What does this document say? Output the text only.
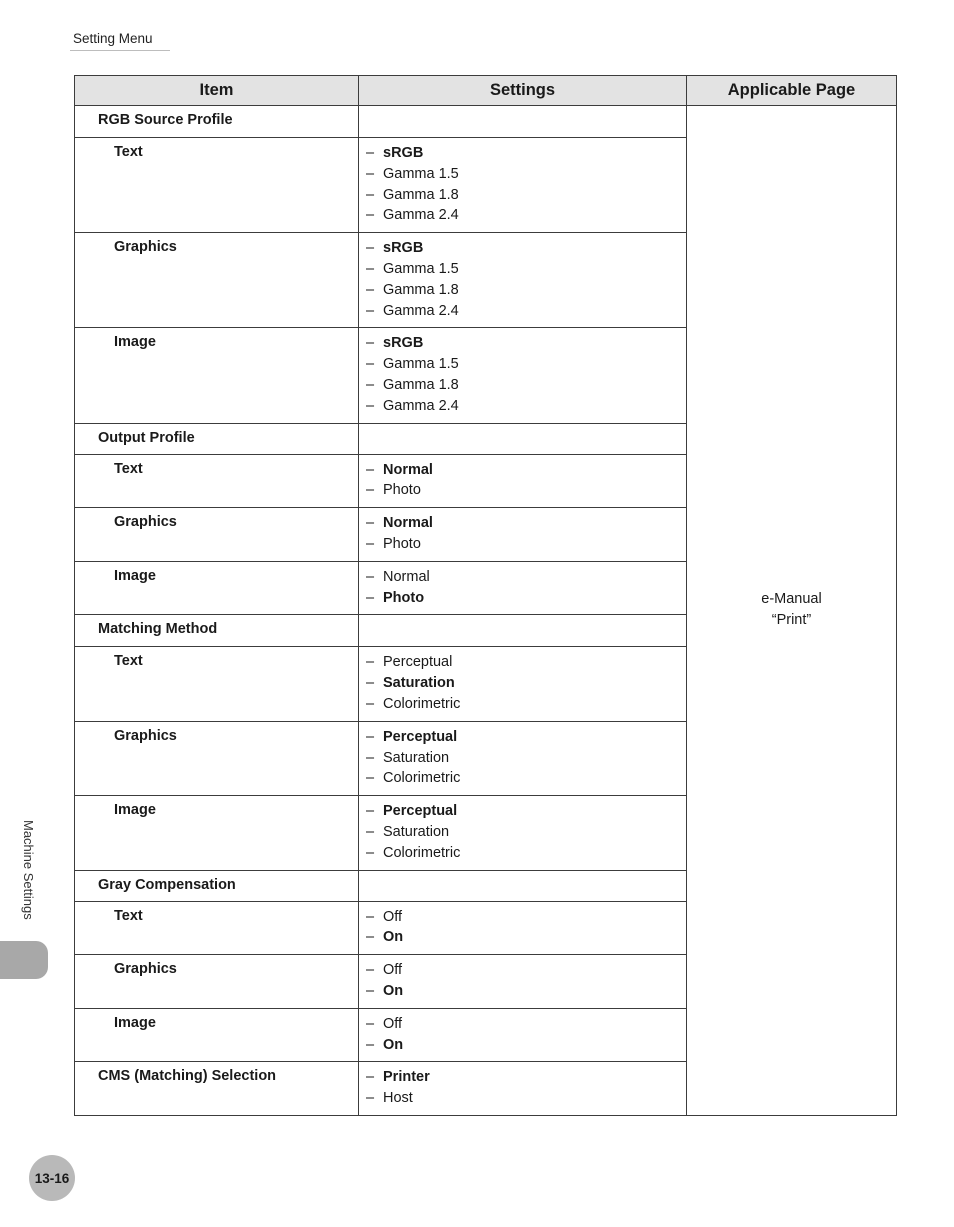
Setting Menu
Item	Settings	Applicable Page
RGB Source Profile		e-Manual
“Print”

Text	– sRGB
– Gamma 1.5
– Gamma 1.8
– Gamma 2.4	

Graphics	– sRGB
– Gamma 1.5
– Gamma 1.8
– Gamma 2.4	

Image	– sRGB
– Gamma 1.5
– Gamma 1.8
– Gamma 2.4	

Output Profile		
Text	– Normal
– Photo	

Graphics	– Normal
– Photo	

Image	– Normal
– Photo	

Matching Method		
Text	– Perceptual
– Saturation
– Colorimetric	

Graphics	– Perceptual
– Saturation
– Colorimetric	

Image	– Perceptual
– Saturation
– Colorimetric	

Gray Compensation		
Text	– Off
– On	

Graphics	– Off
– On	

Image	– Off
– On	

CMS (Matching) Selection	– Printer
– Host	
Machine Settings
13-16
